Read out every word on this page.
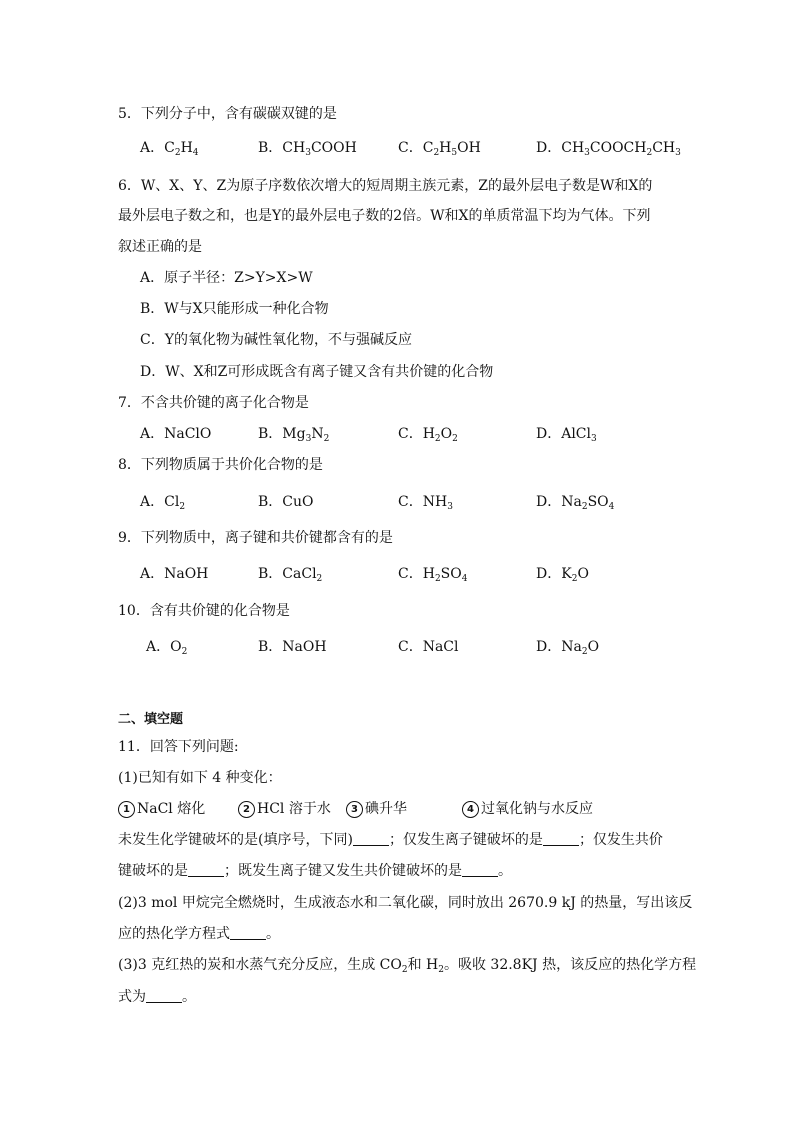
5．下列分子中，含有碳碳双键的是
A．$C_2H_4$	B．$CH_3COOH$	C．$C_2H_5OH$	D．$CH_3COOCH_2CH_3$
6．W、X、Y、Z为原子序数依次增大的短周期主族元素，Z的最外层电子数是W和X的
最外层电子数之和，也是Y的最外层电子数的2倍。W和X的单质常温下均为气体。下列
叙述正确的是
A．原子半径：Z>Y>X>W
B．W与X只能形成一种化合物
C．Y的氧化物为碱性氧化物，不与强碱反应
D．W、X和Z可形成既含有离子键又含有共价键的化合物
7．不含共价键的离子化合物是
A．NaClO	B．$Mg_3N_2$	C．$H_2O_2$	D．AlCl$_3$
8．下列物质属于共价化合物的是
A．$Cl_2$	B．CuO	C．$NH_3$	D．$Na_2SO_4$
9．下列物质中，离子键和共价键都含有的是
A．NaOH	B．CaCl$_2$	C．$H_2SO_4$	D．$K_2O$
10．含有共价键的化合物是
A．$O_2$	B．NaOH	C．NaCl	D．$Na_2O$
二、填空题
11．回答下列问题:
(1)已知有如下 4 种变化：
1 NaCl 熔化	2 HCl 溶于水	3 碘升华	4 过氧化钠与水反应
未发生化学键破坏的是(填序号，下同)	；仅发生离子键破坏的是	；仅发生共价
键破坏的是	；既发生离子键又发生共价键破坏的是	。
(2)3 mol 甲烷完全燃烧时，生成液态水和二氧化碳，同时放出 2670.9 kJ 的热量，写出该反
应的热化学方程式	。
(3)3 克红热的炭和水蒸气充分反应，生成 $CO_2$和 $H_2$。吸收 32.8KJ 热，该反应的热化学方程
式为	。
